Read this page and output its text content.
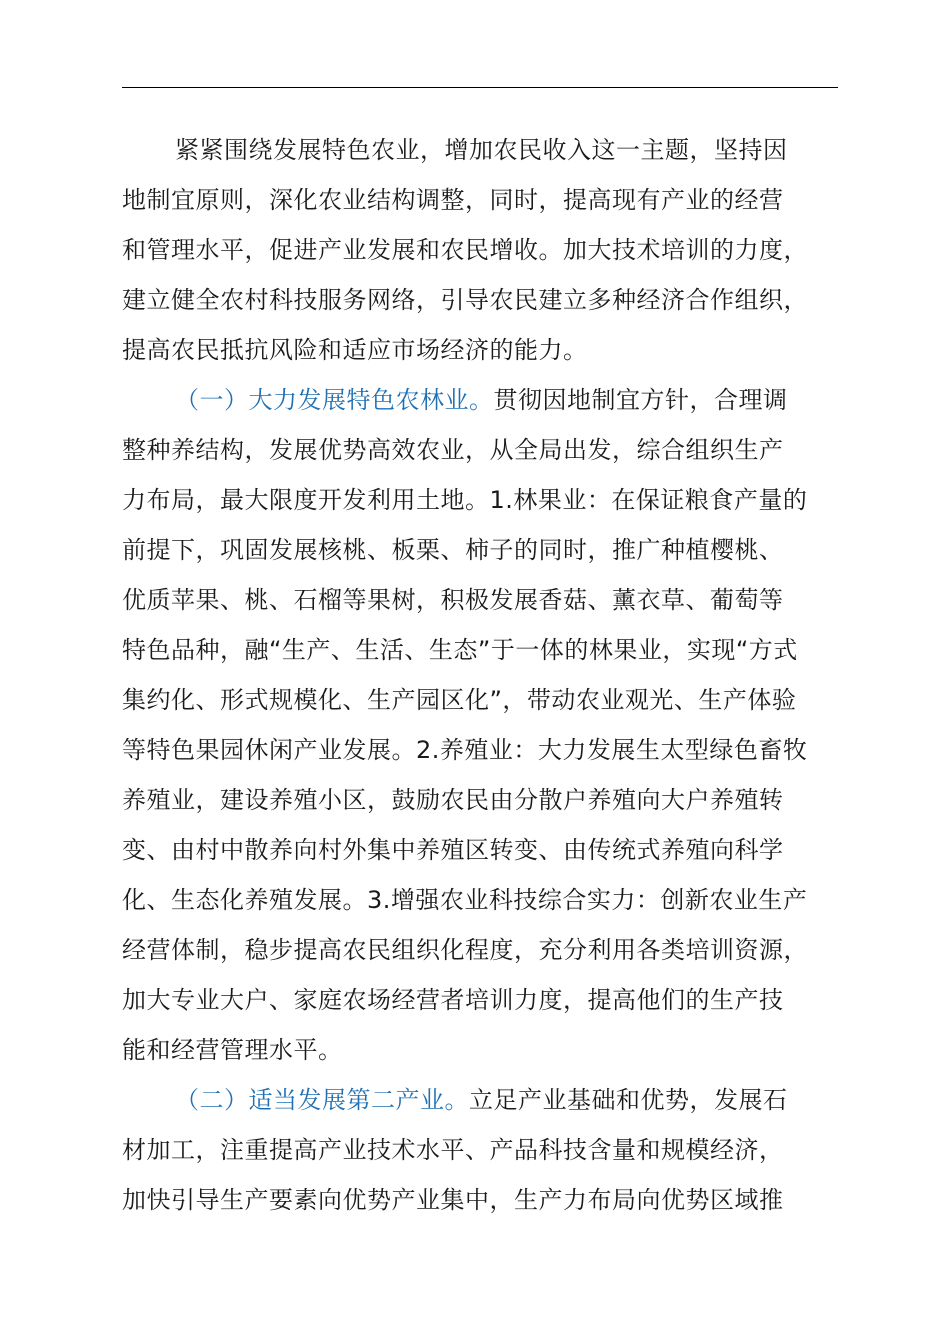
紧紧围绕发展特色农业，增加农民收入这一主题，坚持因
地制宜原则，深化农业结构调整，同时，提高现有产业的经营
和管理水平，促进产业发展和农民增收。加大技术培训的力度，
建立健全农村科技服务网络，引导农民建立多种经济合作组织，
提高农民抵抗风险和适应市场经济的能力。
（一）大力发展特色农林业。贯彻因地制宜方针，合理调
整种养结构，发展优势高效农业，从全局出发，综合组织生产
力布局，最大限度开发利用土地。1.林果业：在保证粮食产量的
前提下，巩固发展核桃、板栗、柿子的同时，推广种植樱桃、
优质苹果、桃、石榴等果树，积极发展香菇、薰衣草、葡萄等
特色品种，融“生产、生活、生态”于一体的林果业，实现“方式
集约化、形式规模化、生产园区化”，带动农业观光、生产体验
等特色果园休闲产业发展。2.养殖业：大力发展生太型绿色畜牧
养殖业，建设养殖小区，鼓励农民由分散户养殖向大户养殖转
变、由村中散养向村外集中养殖区转变、由传统式养殖向科学
化、生态化养殖发展。3.增强农业科技综合实力：创新农业生产
经营体制，稳步提高农民组织化程度，充分利用各类培训资源，
加大专业大户、家庭农场经营者培训力度，提高他们的生产技
能和经营管理水平。
（二）适当发展第二产业。立足产业基础和优势，发展石
材加工，注重提高产业技术水平、产品科技含量和规模经济，
加快引导生产要素向优势产业集中，生产力布局向优势区域推
